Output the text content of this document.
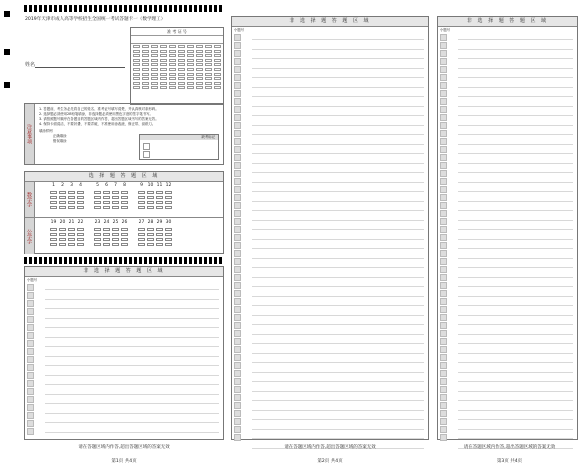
2019年天津市成人高等学校招生全国统一考试答题卡一（数学理工）
准 考 证 号
姓名
注意事项
1. 答题前，考生务必先将自己的姓名、准考证号填写清楚，并认真核对条形码。
2. 选择题必须使用2B铅笔填涂，非选择题必须使用黑色字迹的签字笔书写。
3. 请按照题号顺序在各题目的答题区域内作答，超出答题区域书写的答案无效。
4. 保持卡面清洁，不要折叠、不要弄破，不准使用涂改液、修正带、刮纸刀。
填涂样例
正确填涂
错误填涂
缺考标记
选 择 题 答 题 区 域
数学学
公学学
1	2	3	4	5	6	7	8	9	10 11 12
19 20 21 22	23 24 25 26	27 28 29 30
非 选 择 题 答 题 区 域
小题号
请在答题区域内作答,超出答题区域的答案无效
第1页 共4页
非 选 择 题 答 题 区 域
小题号
请在答题区域内作答,超出答题区域的答案无效
第2页 共4页
非 选 择 题 答 题 区 域
小题号
请在答题区域内作答,超出答题区域的答案无效
第3页 共4页
